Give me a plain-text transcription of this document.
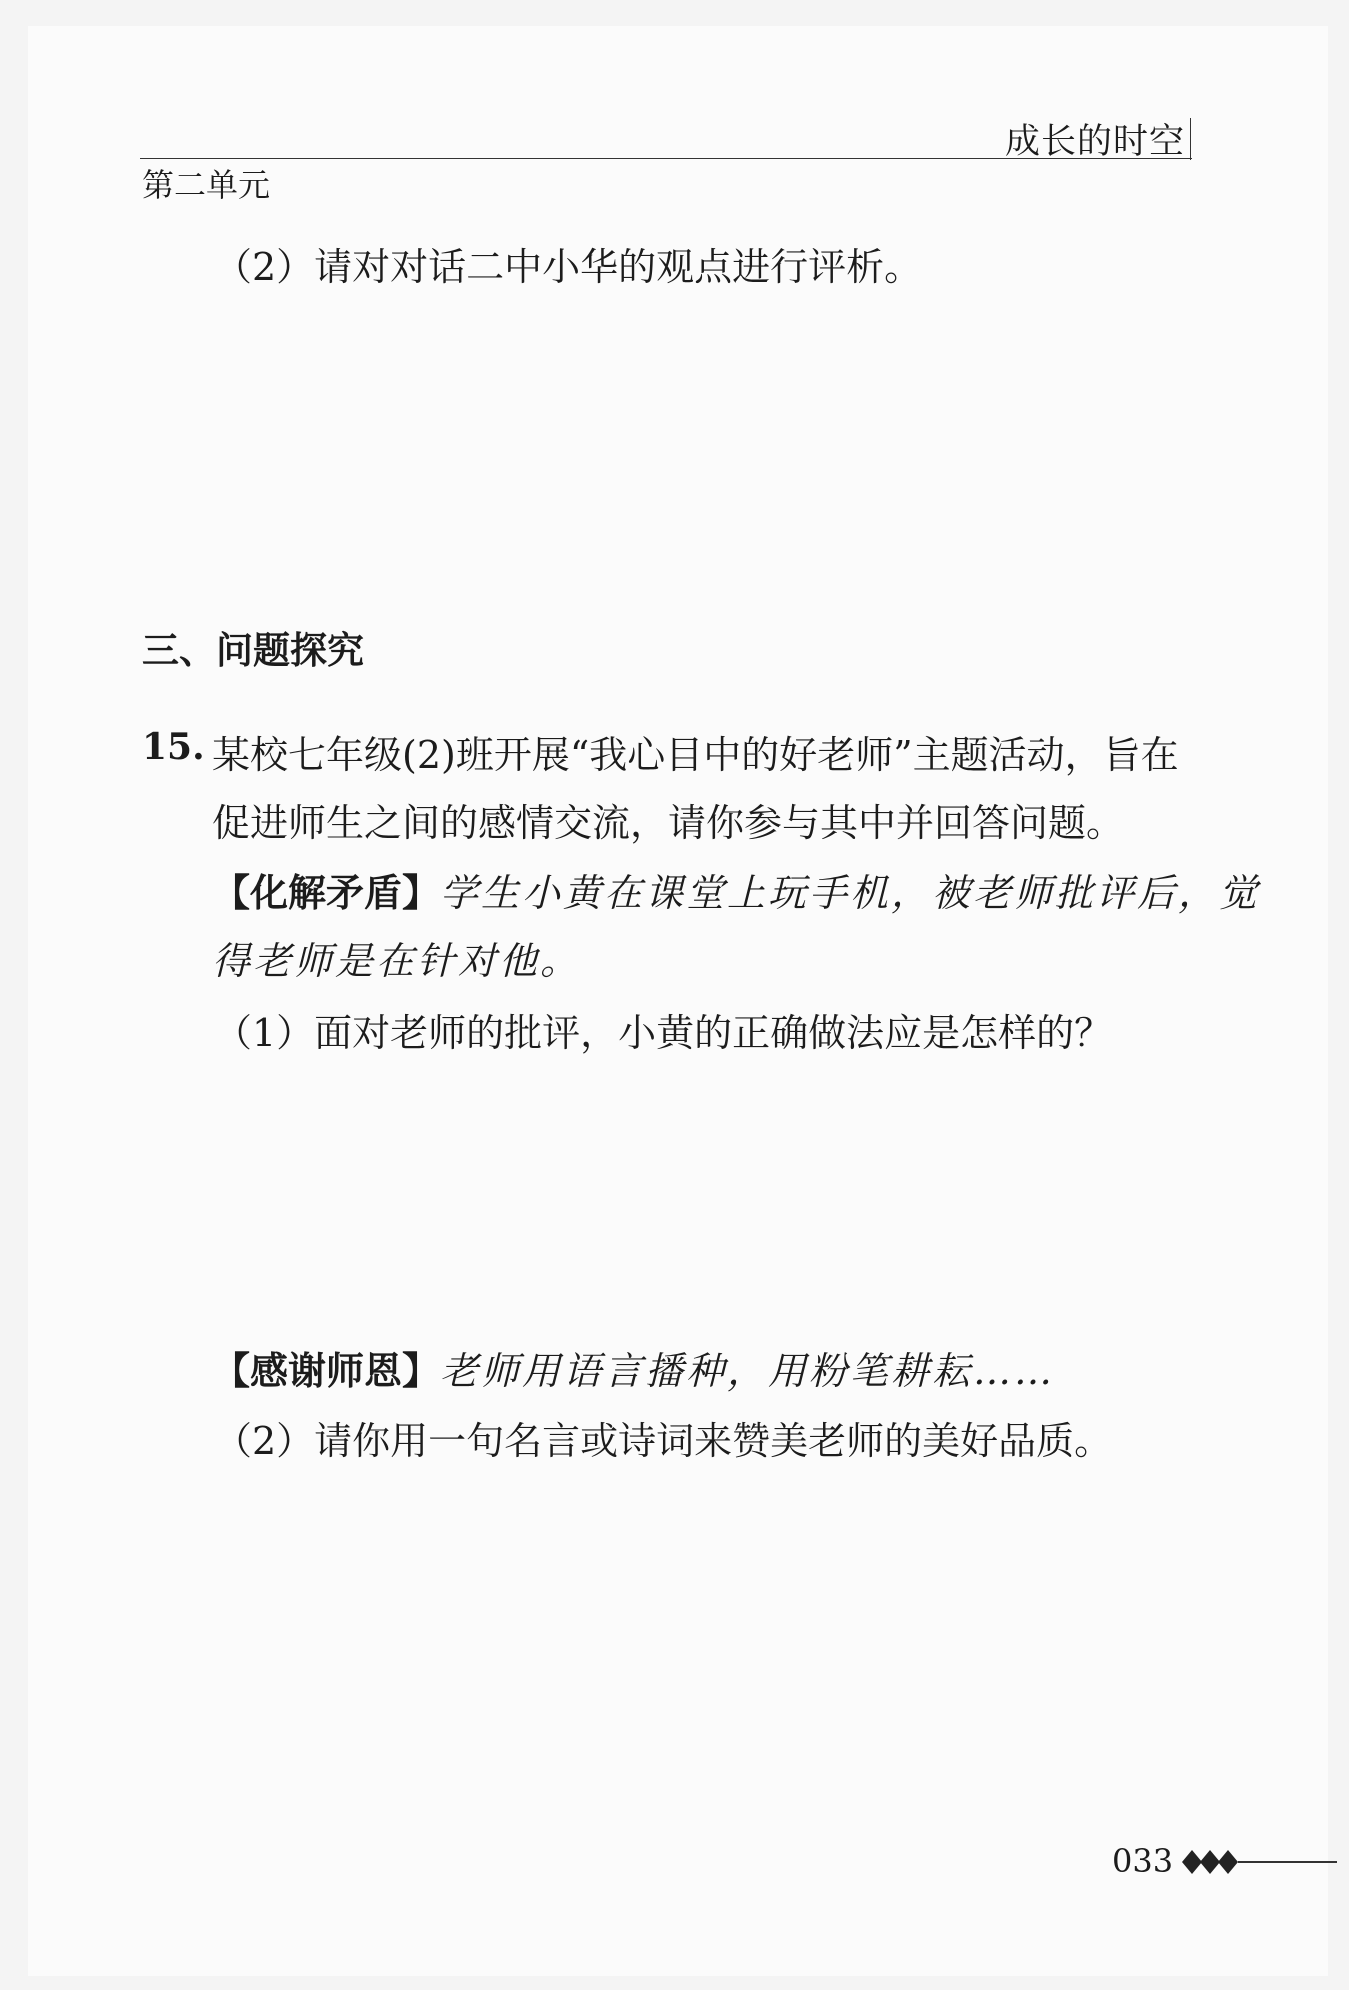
成长的时空
第二单元
（2）请对对话二中小华的观点进行评析。
三、问题探究
15. 某校七年级(2)班开展“我心目中的好老师”主题活动，旨在
促进师生之间的感情交流，请你参与其中并回答问题。
【化解矛盾】学生小黄在课堂上玩手机，被老师批评后，觉
得老师是在针对他。
（1）面对老师的批评，小黄的正确做法应是怎样的？
【感谢师恩】老师用语言播种，用粉笔耕耘……
（2）请你用一句名言或诗词来赞美老师的美好品质。
033
